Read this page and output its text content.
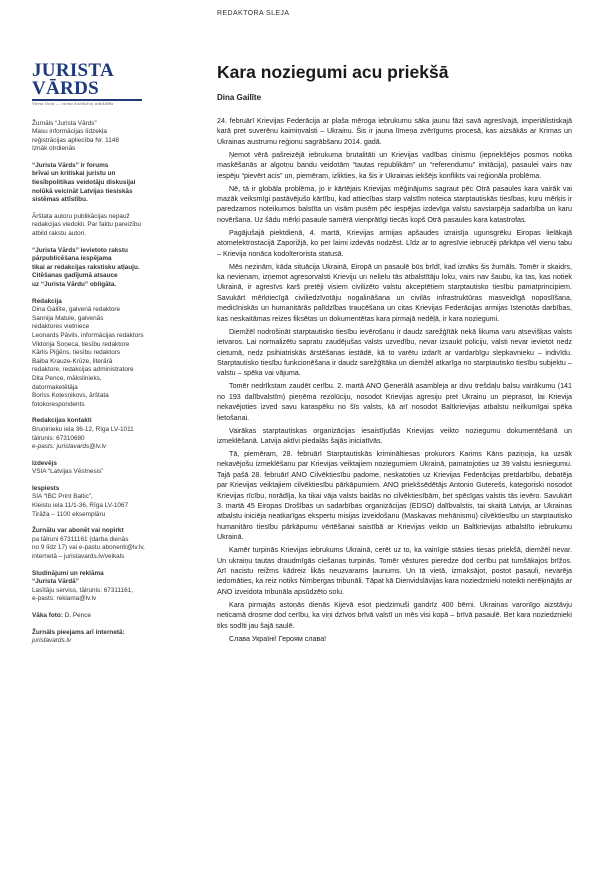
REDAKTORA SLEJA
JURISTA VĀRDS
Viena lieta — viena kolektīva atbildība
Žurnāls “Jurista Vārds”
Masu informācijas līdzekļa
reģistrācijas apliecība Nr. 1148
Iznāk otrdienās
“Jurista Vārds” ir forums
brīvai un kritiskai juristu un
tiesībpolitikas veidotāju diskusijai
nolūkā veicināt Latvijas tiesiskās
sistēmas attīstību.
Ārštata autoru publikācijas nepauž
redakcijas viedokli. Par faktu pareizību
atbild rakstu autori.
“Jurista Vārds” ievietoto rakstu
pārpublicēšana iespējama
tikai ar redakcijas rakstisku atļauju.
Citēšanas gadījumā atsauce
uz “Jurista Vārdu” obligāta.
Redakcija
Dina Gailīte, galvenā redaktore
Sannija Matule, galvenās
redaktores vietniece
Leonards Pāvils, informācijas redaktors
Viktorija Soņeca, tiesību redaktore
Kārlis Piģēns, tiesību redaktors
Baiba Krauze-Krūze, literārā
redaktore, redakcijas administratore
Dita Pence, mākslinieks,
datormaketētāja
Boriss Koļesņikovs, ārštata
fotokorespondents
Redakcijas kontakti
Bruņinieku iela 36-12, Rīga LV-1011
tālrunis: 67310680
e-pasts: juristavards@lv.lv
Izdevējs
VSIA “Latvijas Vēstnesis”
Iespiests
SIA “IBC Print Baltic”,
Kleistu iela 11/1-36, Rīga LV-1067
Tirāža – 1100 eksemplāru
Žurnālu var abonēt vai nopirkt
pa tālruni 67311161 (darba dienās
no 9 līdz 17) vai e-pastu abonenti@lv.lv,
internetā – juristavards.lv/veikals
Sludinājumi un reklāma
“Jurista Vārdā”
Lasītāju serviss, tālrunis: 67311161,
e-pasts: reklama@lv.lv
Vāka foto: D. Pence
Žurnāls pieejams arī internetā:
juristavards.lv
Kara noziegumi acu priekšā
Dina Gailīte

24. februārī Krievijas Federācija ar plaša mēroga iebrukumu sāka jaunu fāzi savā agresīvajā, imperiālistiskajā karā pret suverēnu kaimiņvalsti – Ukrainu. Šis ir jauna līmeņa zvērīgums procesā, kas aizsākās ar Krimas un Ukrainas austrumu reģionu sagrābšanu 2014. gadā.

Ņemot vērā pašreizējā iebrukuma brutalitāti un Krievijas vadības cinismu (iepriekšējos posmos notika maskēšanās ar algotņu bandu veidotām “tautas republikām” un “referendumu” imitācija), pasaulei vairs nav iespēju “pievērt acis” un, piemēram, izlikties, ka šis ir Ukrainas iekšējs konflikts vai reģionāla problēma.

Nē, tā ir globāla problēma, jo ir kārtējais Krievijas mēģinājums sagraut pēc Otrā pasaules kara vairāk vai mazāk veiksmīgi pastāvējušo kārtību, kad attiecības starp valstīm noteica starptautiskās tiesības, kuru mērķis ir paredzamos noteikumos balstīta un visām pusēm pēc iespējas izdevīga valstu savstarpēja sadarbība un karu novēršana. Uz šādu mērķi pasaule samērā vienprātīgi tiecās kopš Otrā pasaules kara katastrofas.

Pagājušajā piektdienā, 4. martā, Krievijas armijas apšaudes izraisīja ugunsgrēku Eiropas lielākajā atomelektrostacijā Zaporižjā, ko per laimi izdevās nodzēst. Līdz ar to agresīvie iebrucēji pārkāpa vēl vienu tabu – Krievija nonāca kodolteroristа statusā.

Mēs nezinām, kāda situācija Ukrainā, Eiropā un pasaulē būs brīdī, kad iznāks šis žurnāls. Tomēr ir skaidrs, ka nevienam, izņemot agresorvalsti Krieviju un nelielu tās atbalstītāju loku, vairs nav šaubu, ka tas, kas notiek Ukrainā, ir agresīvs karš pretēji visiem civilizēto valstu akceptētiem starptautisko tiesību pamatprincipiem. Savukārt mērķtiecīgā civiliedzīvotāju nogalināšana un civilās infrastruktūras masveidīgā noposlīšana, medicīniskās un humanitārās palīdzības traucēšana un citas Krievijas Federācijas armijas īstenotās darbības, kas neskaitāmas reizes fiksētas un dokumentētas kara pirmajā nedēļā, ir kara noziegumi.

Diemžēl nodrošināt starptautisko tiesību ievērošanu ir daudz sarežģītāk nekā likuma varu atsevišķas valsts ietvaros. Lai normalizētu sapratu zaudējušas valsts uzvedību, nevar izsaukt policiju, valsti nevar ievietot nedz cietumā, nedz psihiatriskās ārstēšanas iestādē, kā to varētu izdarīt ar vardarbīgu slepkavnieku – indivīdu. Starptautisko tiesību funkcionēšana ir daudz sarežģītāka un diemžēl atkarīga no starptautisko tiesību subjektu – valstu – spēka vai vājuma.

Tomēr nedrīkstam zaudēt cerību. 2. martā ANO Ģenerālā asambleja ar divu trešdaļu balsu vairākumu (141 no 193 dalībvalstīm) pieņēma rezolūciju, nosodot Krievijas agresiju pret Ukrainu un pieprasot, lai Krievija nekavējoties izved savu karaspēku no šīs valsts, kā arī nosodot Baltkrievijas atbalstu neilkumīgai spēka lietošanai.

Vairākas starptautiskas organizācijas iesaistījušās Krievijas veikto noziegumu dokumentēšanā un izmeklēšanā. Latvija aktīvi piedalās šajās iniciatīvās.

Tā, piemēram, 28. februārī Starptautiskās krimināltiesas prokurors Karims Kāns paziņoja, ka uzsāk nekavējošu izmeklēšanu par Krievijas veiktajiem noziegumiem Ukrainā, pamatojoties uz 39 valstu iesniegumu. Tajā pašā 28. februārī ANO Cilvēktiesību padome, neskatoties uz Krievijas Federācijas pretdarbību, debatēja par Krievijas veiktajiem cilvēktiesību pārkāpumiem. ANO priekšsēdētājs Antonio Guterešs, kategoriski nosodot Krievijas rīcību, norādīja, ka tikai vāja valsts baidās no cilvēktiesībām, bet spēcīgas valstis tās ievēro. Savukārt 3. martā 45 Eiropas Drošības un sadarbības organizācijas (EDSO) dalībvalstis, tai skaitā Latvija, ar Ukrainas atbalstu iniciēja neatkarīgas ekspertu misijas izveidošanu (Maskavas mehānismu) cilvēktiesību un starptautisko humanitāro tiesību pārkāpumu vērtēšanai saistībā ar Krievijas veikto un Baltkrievijas atbalstīto iebrukumu Ukrainā.

Kamēr turpinās Krievijas iebrukums Ukrainā, cerēt uz to, ka vainīgie stāsies tiesas priekšā, diemžēl nevar. Un ukraiņu tautas draudmīgās ciešanas turpinās. Tomēr vēstures pieredze dod cerību pat tumšākajos brīžos. Arī nacistu reižms kādreiz likās neuzvarams ļaunums. Un tā vietā, izmaksājot, postot pasauli, nevarēja iedomāties, ka reiz notiks Nirnbergas tribunāli. Tāpat kā Dienvidslāvijas kara noziedznieki noteikti nerēķinājās ar ANO izveidota tribunāla apsūdzēto solu.

Kara pirmajās astoņās dienās Kijevā esot piedzimuši gandrīz 400 bērni. Ukrainas varonīgo aizstāvju neticamā drosme dod cerību, ka viņi dzīvos brīvā valstī un mēs visi kopā – brīvā pasaulē. Bet kara noziedznieki tiks sodīti jau šajā saulē.

Слава Україні! Героям слава!
